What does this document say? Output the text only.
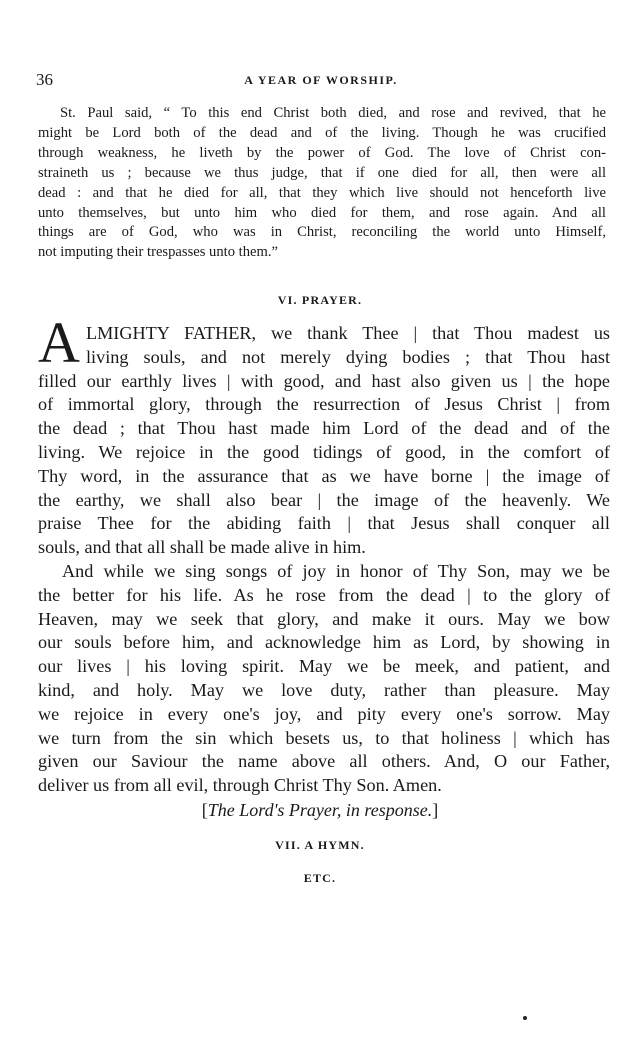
36	A YEAR OF WORSHIP.
St. Paul said, “ To this end Christ both died, and rose and revived, that he
might be Lord both of the dead and of the living. Though he was crucified
through weakness, he liveth by the power of God. The love of Christ con-
straineth us ; because we thus judge, that if one died for all, then were all
dead : and that he died for all, that they which live should not henceforth live
unto themselves, but unto him who died for them, and rose again. And all
things are of God, who was in Christ, reconciling the world unto Himself,
not imputing their trespasses unto them.”
VI. PRAYER.
A LMIGHTY FATHER, we thank Thee | that Thou madest us
living souls, and not merely dying bodies ; that Thou hast
filled our earthly lives | with good, and hast also given us | the hope
of immortal glory, through the resurrection of Jesus Christ | from
the dead ; that Thou hast made him Lord of the dead and of the
living. We rejoice in the good tidings of good, in the comfort of
Thy word, in the assurance that as we have borne | the image of
the earthy, we shall also bear | the image of the heavenly. We
praise Thee for the abiding faith | that Jesus shall conquer all
souls, and that all shall be made alive in him.
And while we sing songs of joy in honor of Thy Son, may we be
the better for his life. As he rose from the dead | to the glory of
Heaven, may we seek that glory, and make it ours. May we bow
our souls before him, and acknowledge him as Lord, by showing in
our lives | his loving spirit. May we be meek, and patient, and
kind, and holy. May we love duty, rather than pleasure. May
we rejoice in every one's joy, and pity every one's sorrow. May
we turn from the sin which besets us, to that holiness | which has
given our Saviour the name above all others. And, O our Father,
deliver us from all evil, through Christ Thy Son. Amen.
[The Lord's Prayer, in response.]
VII. A HYMN.
ETC.
